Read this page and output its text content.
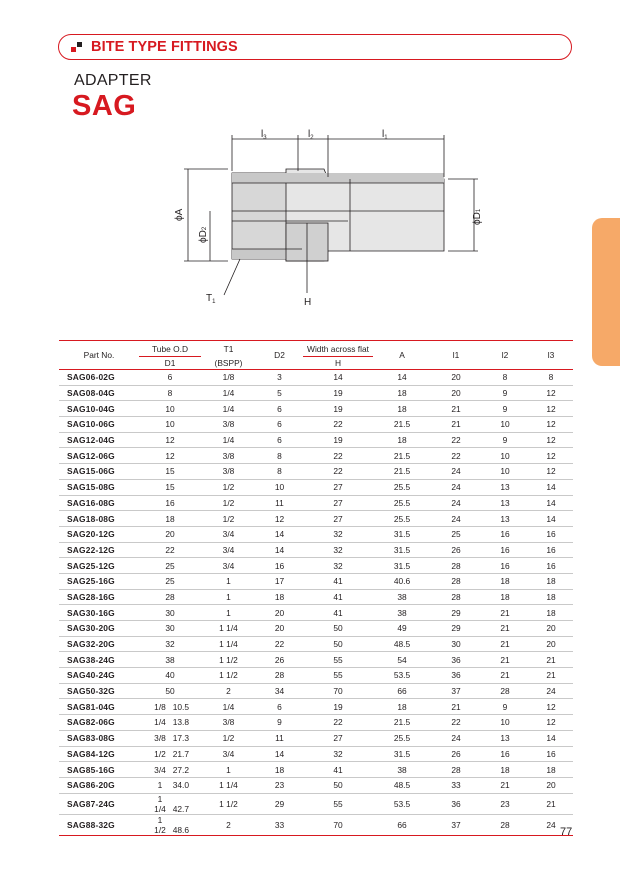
BITE TYPE FITTINGS
ADAPTER
SAG
BITE TYPE FITTINGS
$l_3$	$l_2$	$l_1$
ϕA
ϕD2
ϕD1
$T_1$	H
Part No.	Tube O.D	T1	D2	Width across flat	A	l1	l2	l3
	D1	(BSPP)		H				
SAG06-02G	6	1/8	3	14	14	20	8	8
SAG08-04G	8	1/4	5	19	18	20	9	12
SAG10-04G	10	1/4	6	19	18	21	9	12
SAG10-06G	10	3/8	6	22	21.5	21	10	12
SAG12-04G	12	1/4	6	19	18	22	9	12
SAG12-06G	12	3/8	8	22	21.5	22	10	12
SAG15-06G	15	3/8	8	22	21.5	24	10	12
SAG15-08G	15	1/2	10	27	25.5	24	13	14
SAG16-08G	16	1/2	11	27	25.5	24	13	14
SAG18-08G	18	1/2	12	27	25.5	24	13	14
SAG20-12G	20	3/4	14	32	31.5	25	16	16
SAG22-12G	22	3/4	14	32	31.5	26	16	16
SAG25-12G	25	3/4	16	32	31.5	28	16	16
SAG25-16G	25	1	17	41	40.6	28	18	18
SAG28-16G	28	1	18	41	38	28	18	18
SAG30-16G	30	1	20	41	38	29	21	18
SAG30-20G	30	1 1/4	20	50	49	29	21	20
SAG32-20G	32	1 1/4	22	50	48.5	30	21	20
SAG38-24G	38	1 1/2	26	55	54	36	21	21
SAG40-24G	40	1 1/2	28	55	53.5	36	21	21
SAG50-32G	50	2	34	70	66	37	28	24
SAG81-04G	1/8 10.5	1/4	6	19	18	21	9	12
SAG82-06G	1/4 13.8	3/8	9	22	21.5	22	10	12
SAG83-08G	3/8 17.3	1/2	11	27	25.5	24	13	14
SAG84-12G	1/2 21.7	3/4	14	32	31.5	26	16	16
SAG85-16G	3/4 27.2	1	18	41	38	28	18	18
SAG86-20G	1 34.0	1 1/4	23	50	48.5	33	21	20
SAG87-24G	1 1/4 42.7	1 1/2	29	55	53.5	36	23	21
SAG88-32G	1 1/2 48.6	2	33	70	66	37	28	24
77
